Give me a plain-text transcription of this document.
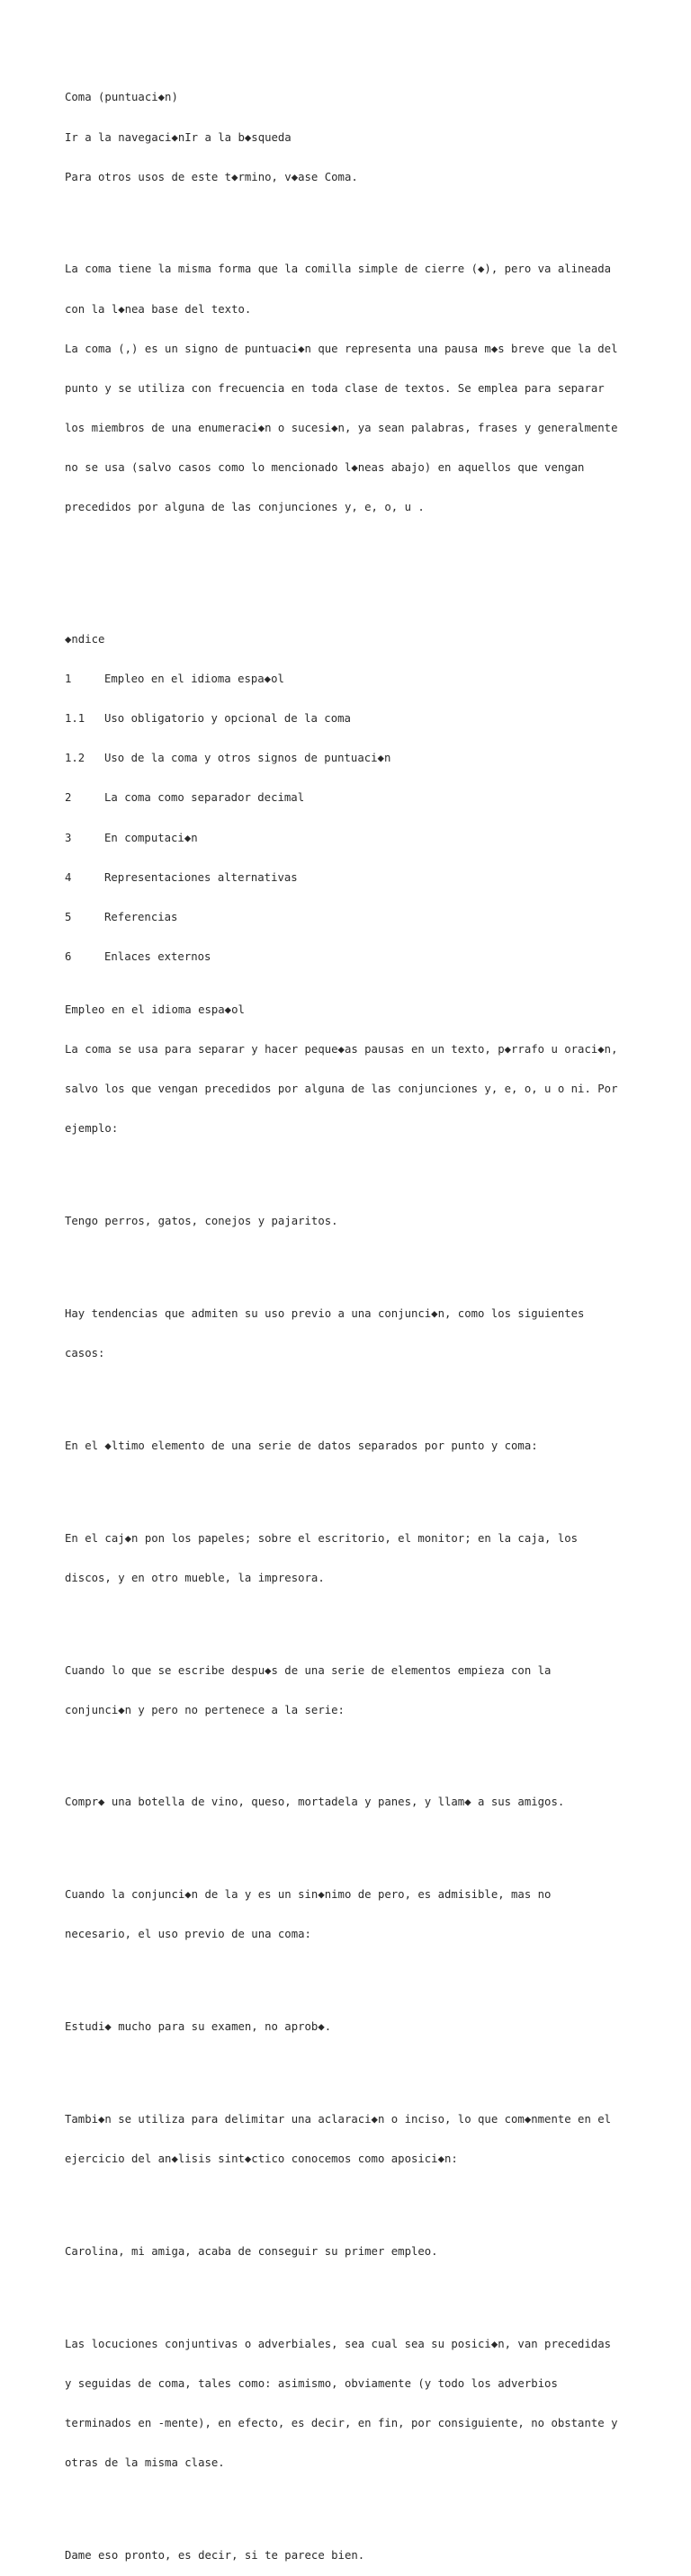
Coma (puntuaci◆n)

Ir a la navegaci◆nIr a la b◆squeda

Para otros usos de este t◆rmino, v◆ase Coma.

La coma tiene la misma forma que la comilla simple de cierre (◆), pero va alineada

con la l◆nea base del texto.

La coma (,) es un signo de puntuaci◆n que representa una pausa m◆s breve que la del

punto y se utiliza con frecuencia en toda clase de textos. Se emplea para separar

los miembros de una enumeraci◆n o sucesi◆n, ya sean palabras, frases y generalmente

no se usa (salvo casos como lo mencionado l◆neas abajo) en aquellos que vengan

precedidos por alguna de las conjunciones y, e, o, u .

◆ndice

1	Empleo en el idioma espa◆ol

1.1 Uso obligatorio y opcional de la coma

1.2 Uso de la coma y otros signos de puntuaci◆n

2	La coma como separador decimal

3	En computaci◆n

4	Representaciones alternativas

5	Referencias

6	Enlaces externos

Empleo en el idioma espa◆ol

La coma se usa para separar y hacer peque◆as pausas en un texto, p◆rrafo u oraci◆n,

salvo los que vengan precedidos por alguna de las conjunciones y, e, o, u o ni. Por

ejemplo:

Tengo perros, gatos, conejos y pajaritos.

Hay tendencias que admiten su uso previo a una conjunci◆n, como los siguientes

casos:

En el ◆ltimo elemento de una serie de datos separados por punto y coma:

En el caj◆n pon los papeles; sobre el escritorio, el monitor; en la caja, los

discos, y en otro mueble, la impresora.

Cuando lo que se escribe despu◆s de una serie de elementos empieza con la

conjunci◆n y pero no pertenece a la serie:

Compr◆ una botella de vino, queso, mortadela y panes, y llam◆ a sus amigos.

Cuando la conjunci◆n de la y es un sin◆nimo de pero, es admisible, mas no

necesario, el uso previo de una coma:

Estudi◆ mucho para su examen, no aprob◆.

Tambi◆n se utiliza para delimitar una aclaraci◆n o inciso, lo que com◆nmente en el

ejercicio del an◆lisis sint◆ctico conocemos como aposici◆n:

Carolina, mi amiga, acaba de conseguir su primer empleo.

Las locuciones conjuntivas o adverbiales, sea cual sea su posici◆n, van precedidas

y seguidas de coma, tales como: asimismo, obviamente (y todo los adverbios

terminados en -mente), en efecto, es decir, en fin, por consiguiente, no obstante y

otras de la misma clase.

Dame eso pronto, es decir, si te parece bien.
